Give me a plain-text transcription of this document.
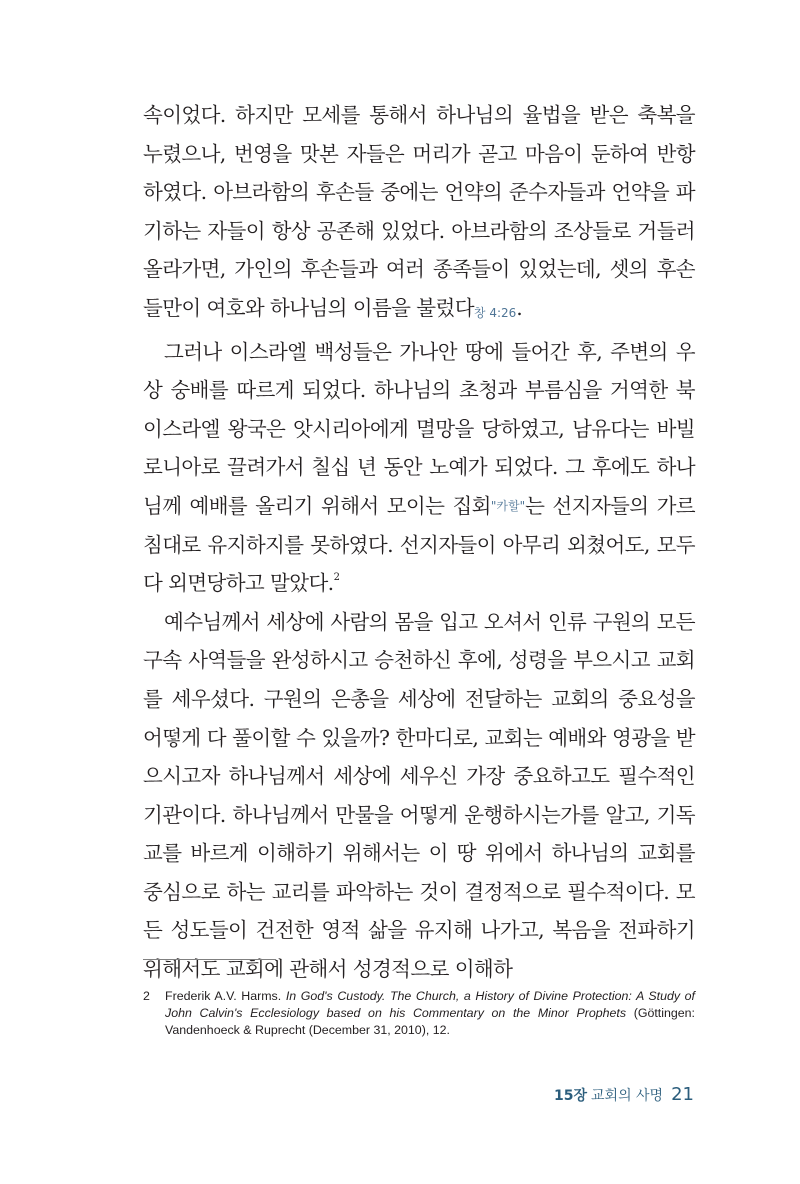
속이었다. 하지만 모세를 통해서 하나님의 율법을 받은 축복을 누렸으나, 번영을 맛본 자들은 머리가 곧고 마음이 둔하여 반항하였다. 아브라함의 후손들 중에는 언약의 준수자들과 언약을 파기하는 자들이 항상 공존해 있었다. 아브라함의 조상들로 거들러 올라가면, 가인의 후손들과 여러 종족들이 있었는데, 셋의 후손들만이 여호와 하나님의 이름을 불렀다창 4:26.

그러나 이스라엘 백성들은 가나안 땅에 들어간 후, 주변의 우상 숭배를 따르게 되었다. 하나님의 초청과 부름심을 거역한 북이스라엘 왕국은 앗시리아에게 멸망을 당하였고, 남유다는 바빌로니아로 끌려가서 칠십 년 동안 노예가 되었다. 그 후에도 하나님께 예배를 올리기 위해서 모이는 집회"카할"는 선지자들의 가르침대로 유지하지를 못하였다. 선지자들이 아무리 외쳤어도, 모두 다 외면당하고 말았다.$^2$

예수님께서 세상에 사람의 몸을 입고 오셔서 인류 구원의 모든 구속 사역들을 완성하시고 승천하신 후에, 성령을 부으시고 교회를 세우셨다. 구원의 은총을 세상에 전달하는 교회의 중요성을 어떻게 다 풀이할 수 있을까? 한마디로, 교회는 예배와 영광을 받으시고자 하나님께서 세상에 세우신 가장 중요하고도 필수적인 기관이다. 하나님께서 만물을 어떻게 운행하시는가를 알고, 기독교를 바르게 이해하기 위해서는 이 땅 위에서 하나님의 교회를 중심으로 하는 교리를 파악하는 것이 결정적으로 필수적이다. 모든 성도들이 건전한 영적 삶을 유지해 나가고, 복음을 전파하기 위해서도 교회에 관해서 성경적으로 이해하

2 Frederik A.V. Harms. In God's Custody. The Church, a History of Divine Protection: A Study of John Calvin's Ecclesiology based on his Commentary on the Minor Prophets (Göttingen: Vandenhoeck & Ruprecht (December 31, 2010), 12.
15장 교회의 사명 21
